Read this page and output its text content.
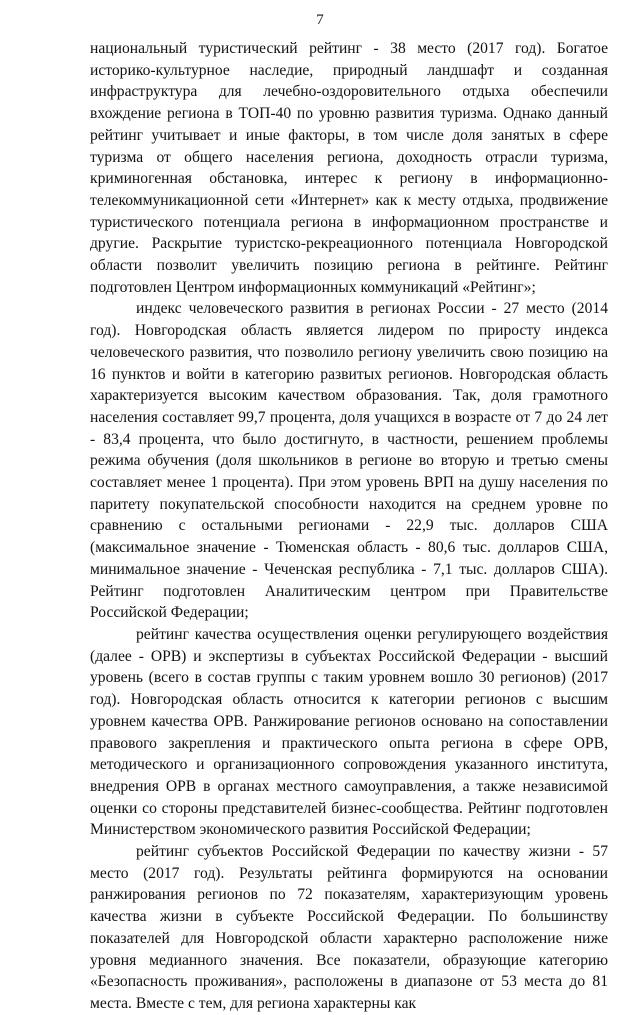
7

национальный туристический рейтинг - 38 место (2017 год). Богатое историко-культурное наследие, природный ландшафт и созданная инфраструктура для лечебно-оздоровительного отдыха обеспечили вхождение региона в ТОП-40 по уровню развития туризма. Однако данный рейтинг учитывает и иные факторы, в том числе доля занятых в сфере туризма от общего населения региона, доходность отрасли туризма, криминогенная обстановка, интерес к региону в информационно-телекоммуникационной сети «Интернет» как к месту отдыха, продвижение туристического потенциала региона в информационном пространстве и другие. Раскрытие туристско-рекреационного потенциала Новгородской области позволит увеличить позицию региона в рейтинге. Рейтинг подготовлен Центром информационных коммуникаций «Рейтинг»;

индекс человеческого развития в регионах России - 27 место (2014 год). Новгородская область является лидером по приросту индекса человеческого развития, что позволило региону увеличить свою позицию на 16 пунктов и войти в категорию развитых регионов. Новгородская область характеризуется высоким качеством образования. Так, доля грамотного населения составляет 99,7 процента, доля учащихся в возрасте от 7 до 24 лет - 83,4 процента, что было достигнуто, в частности, решением проблемы режима обучения (доля школьников в регионе во вторую и третью смены составляет менее 1 процента). При этом уровень ВРП на душу населения по паритету покупательской способности находится на среднем уровне по сравнению с остальными регионами - 22,9 тыс. долларов США (максимальное значение - Тюменская область - 80,6 тыс. долларов США, минимальное значение - Чеченская республика - 7,1 тыс. долларов США). Рейтинг подготовлен Аналитическим центром при Правительстве Российской Федерации;

рейтинг качества осуществления оценки регулирующего воздействия (далее - ОРВ) и экспертизы в субъектах Российской Федерации - высший уровень (всего в состав группы с таким уровнем вошло 30 регионов) (2017 год). Новгородская область относится к категории регионов с высшим уровнем качества ОРВ. Ранжирование регионов основано на сопоставлении правового закрепления и практического опыта региона в сфере ОРВ, методического и организационного сопровождения указанного института, внедрения ОРВ в органах местного самоуправления, а также независимой оценки со стороны представителей бизнес-сообщества. Рейтинг подготовлен Министерством экономического развития Российской Федерации;

рейтинг субъектов Российской Федерации по качеству жизни - 57 место (2017 год). Результаты рейтинга формируются на основании ранжирования регионов по 72 показателям, характеризующим уровень качества жизни в субъекте Российской Федерации. По большинству показателей для Новгородской области характерно расположение ниже уровня медианного значения. Все показатели, образующие категорию «Безопасность проживания», расположены в диапазоне от 53 места до 81 места. Вместе с тем, для региона характерны как
